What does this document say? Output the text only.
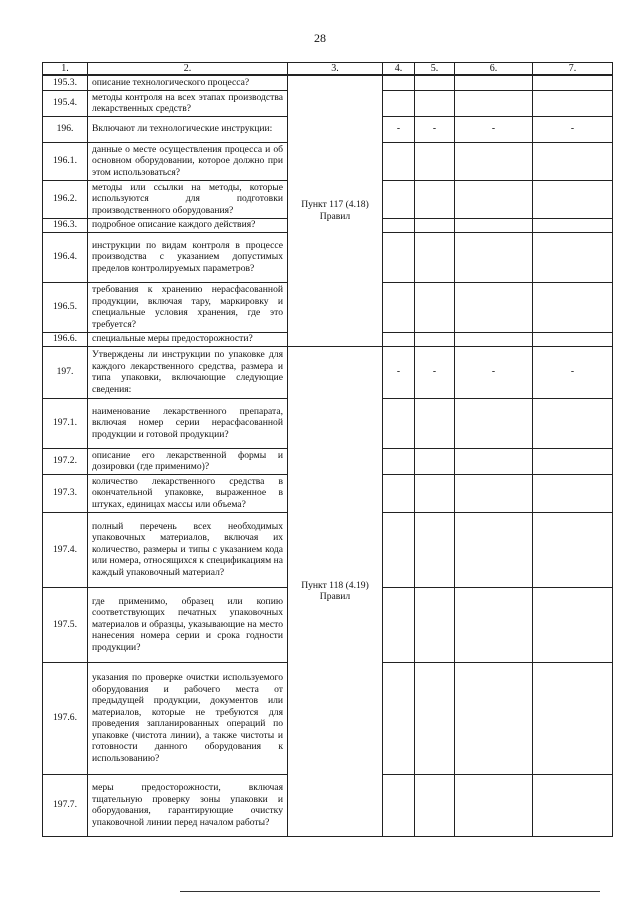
28
1.	2.	3.	4.	5.	6.	7.
195.3.	описание технологического процесса?	Пункт 117 (4.18) Правил				
195.4.	методы контроля на всех этапах производства лекарственных средств?					
196.	Включают ли технологические инструкции:		-	-	-	-
196.1.	данные о месте осуществления процесса и об основном оборудовании, которое должно при этом использоваться?					
196.2.	методы или ссылки на методы, которые используются для подготовки производственного оборудования?					
196.3.	подробное описание каждого действия?					
196.4.	инструкции по видам контроля в процессе производства с указанием допустимых пределов контролируемых параметров?					
196.5.	требования к хранению нерасфасованной продукции, включая тару, маркировку и специальные условия хранения, где это требуется?					
196.6.	специальные меры предосторожности?					
197.	Утверждены ли инструкции по упаковке для каждого лекарственного средства, размера и типа упаковки, включающие следующие сведения:	Пункт 118 (4.19) Правил	-	-	-	-
197.1.	наименование лекарственного препарата, включая номер серии нерасфасованной продукции и готовой продукции?					
197.2.	описание его лекарственной формы и дозировки (где применимо)?					
197.3.	количество лекарственного средства в окончательной упаковке, выраженное в штуках, единицах массы или объема?					
197.4.	полный перечень всех необходимых упаковочных материалов, включая их количество, размеры и типы с указанием кода или номера, относящихся к спецификациям на каждый упаковочный материал?					
197.5.	где применимо, образец или копию соответствующих печатных упаковочных материалов и образцы, указывающие на место нанесения номера серии и срока годности продукции?					
197.6.	указания по проверке очистки используемого оборудования и рабочего места от предыдущей продукции, документов или материалов, которые не требуются для проведения запланированных операций по упаковке (чистота линии), а также чистоты и готовности данного оборудования к использованию?					
197.7.	меры предосторожности, включая тщательную проверку зоны упаковки и оборудования, гарантирующие очистку упаковочной линии перед началом работы?					
